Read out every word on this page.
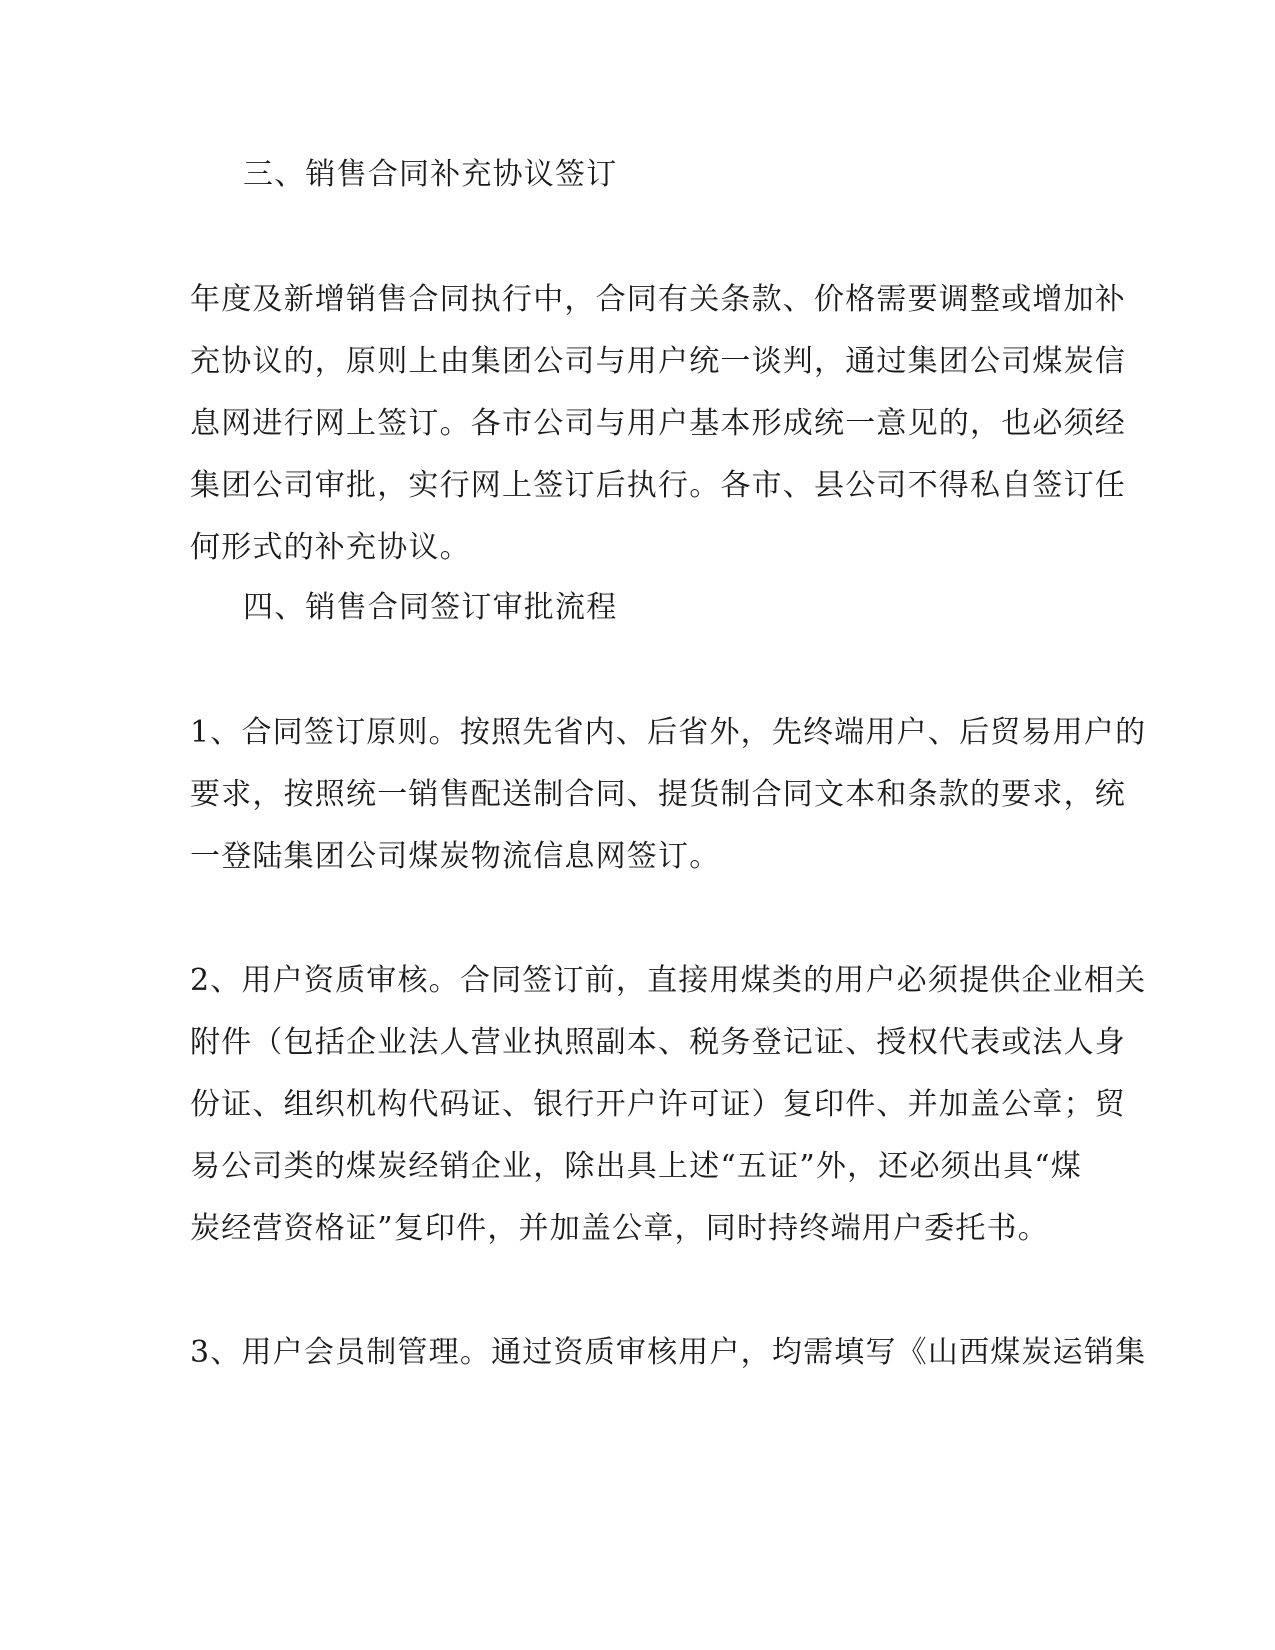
三、销售合同补充协议签订
年度及新增销售合同执行中，合同有关条款、价格需要调整或增加补
充协议的，原则上由集团公司与用户统一谈判，通过集团公司煤炭信
息网进行网上签订。各市公司与用户基本形成统一意见的，也必须经
集团公司审批，实行网上签订后执行。各市、县公司不得私自签订任
何形式的补充协议。
四、销售合同签订审批流程
1、合同签订原则。按照先省内、后省外，先终端用户、后贸易用户的
要求，按照统一销售配送制合同、提货制合同文本和条款的要求，统
一登陆集团公司煤炭物流信息网签订。
2、用户资质审核。合同签订前，直接用煤类的用户必须提供企业相关
附件（包括企业法人营业执照副本、税务登记证、授权代表或法人身
份证、组织机构代码证、银行开户许可证）复印件、并加盖公章；贸
易公司类的煤炭经销企业，除出具上述“五证”外，还必须出具“煤
炭经营资格证”复印件，并加盖公章，同时持终端用户委托书。
3、用户会员制管理。通过资质审核用户，均需填写《山西煤炭运销集
